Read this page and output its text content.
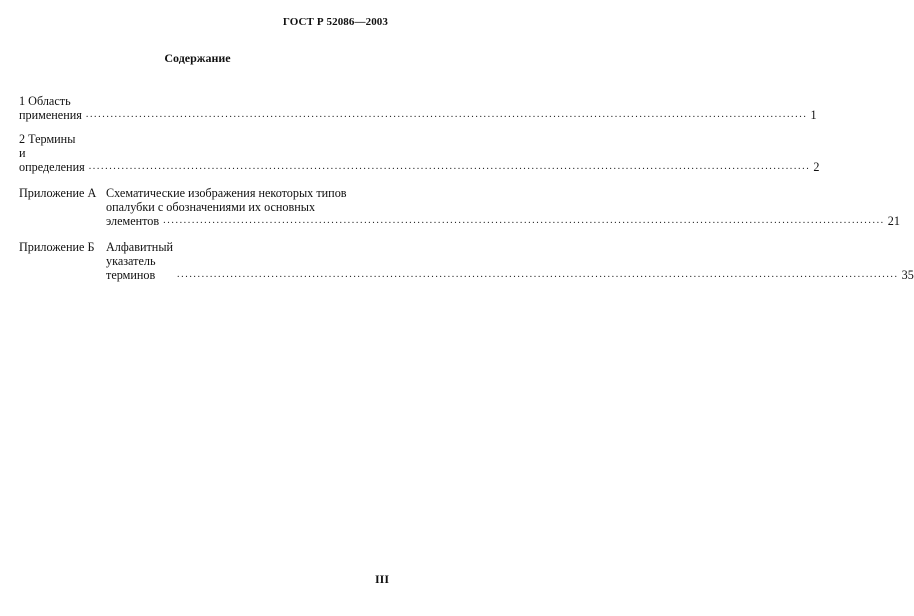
ГОСТ Р 52086—2003
Содержание
1 Область применения .....	1
2 Термины и определения .....	2
Приложение А Схематические изображения некоторых типов
опалубки с обозначениями их основных
элементов .....	21
Приложение Б Алфавитный указатель терминов .....	35
III
